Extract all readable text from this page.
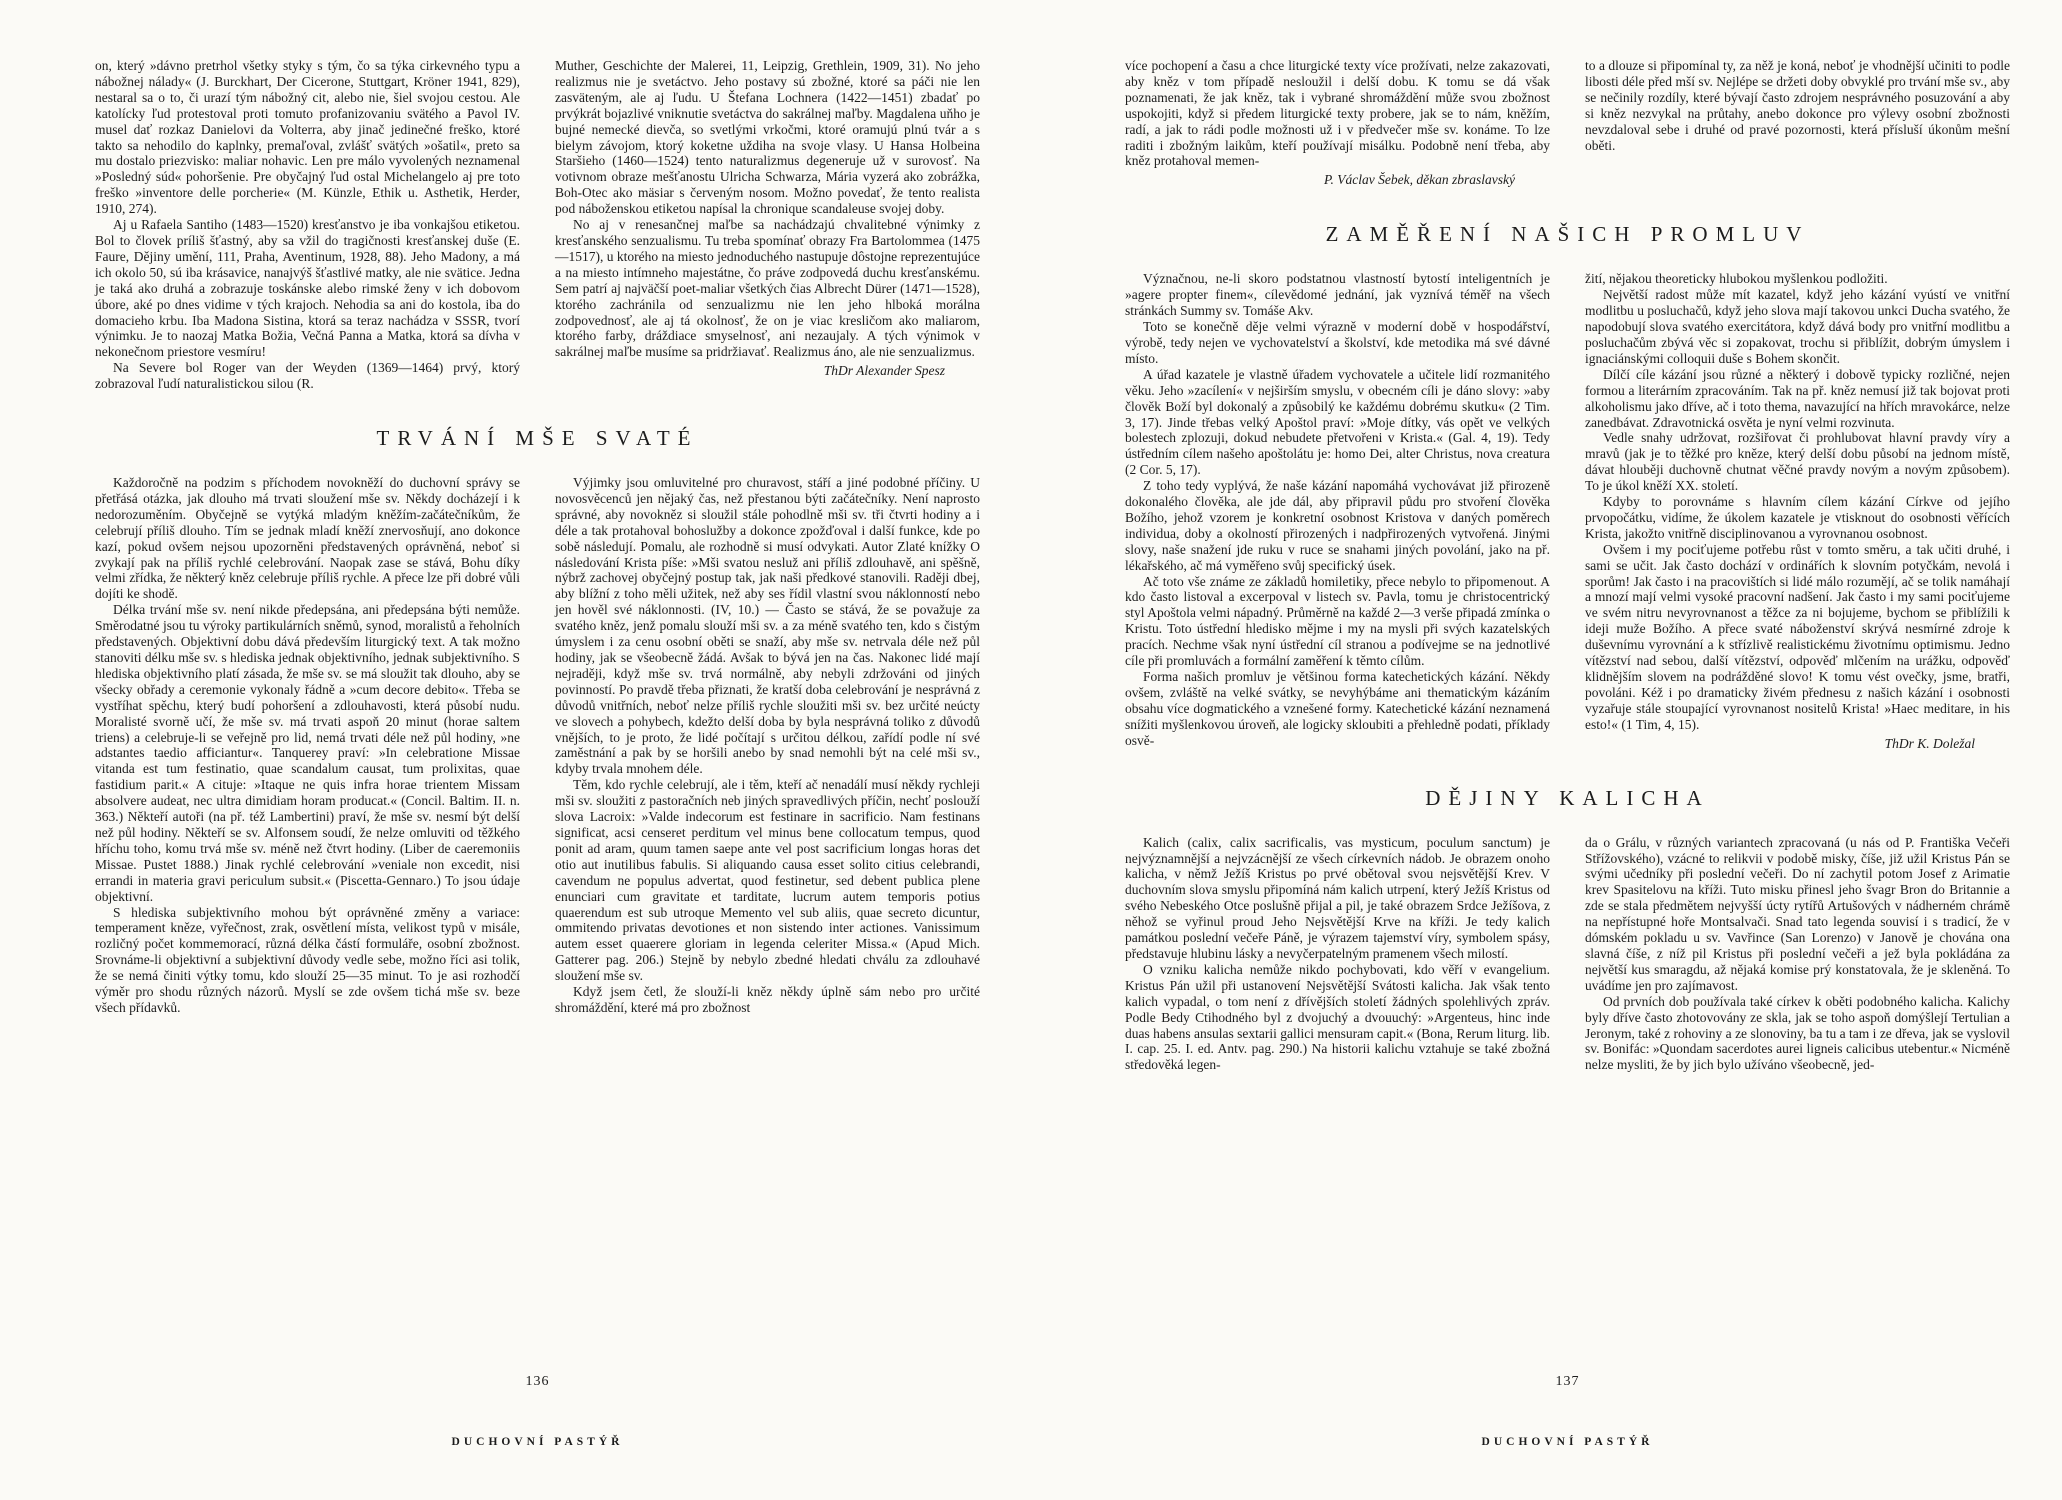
on, který »dávno pretrhol všetky styky s tým, čo sa týka cirkevného typu a nábožnej nálady« (J. Burckhart, Der Cicerone, Stuttgart, Kröner 1941, 829), nestaral sa o to, či urazí tým nábožný cit, alebo nie, šiel svojou cestou. Ale katolícky ľud protestoval proti tomuto profanizovaniu svätého a Pavol IV. musel dať rozkaz Danielovi da Volterra, aby jinač jedinečné freško, ktoré takto sa nehodilo do kaplnky, premaľoval, zvlášť svätých »ošatil«, preto sa mu dostalo priezvisko: maliar nohavic. Len pre málo vyvolených neznamenal »Posledný súd« pohoršenie. Pre obyčajný ľud ostal Michelangelo aj pre toto freško »inventore delle porcherie« (M. Künzle, Ethik u. Asthetik, Herder, 1910, 274).

Aj u Rafaela Santiho (1483—1520) kresťanstvo je iba vonkajšou etiketou. Bol to človek príliš šťastný, aby sa vžil do tragičnosti kresťanskej duše (E. Faure, Dějiny umění, 111, Praha, Aventinum, 1928, 88). Jeho Madony, a má ich okolo 50, sú iba krásavice, nanajvýš šťastlivé matky, ale nie svätice. Jedna je taká ako druhá a zobrazuje toskánske alebo rimské ženy v ich dobovom úbore, aké po dnes vidime v tých krajoch. Nehodia sa ani do kostola, iba do domacieho krbu. Iba Madona Sistina, ktorá sa teraz nachádza v SSSR, tvorí výnimku. Je to naozaj Matka Božia, Večná Panna a Matka, ktorá sa dívha v nekonečnom priestore vesmíru!

Na Severe bol Roger van der Weyden (1369—1464) prvý, ktorý zobrazoval ľudí naturalistickou silou (R.

Muther, Geschichte der Malerei, 11, Leipzig, Grethlein, 1909, 31). No jeho realizmus nie je svetáctvo. Jeho postavy sú zbožné, ktoré sa páči nie len zasväteným, ale aj ľudu. U Štefana Lochnera (1422—1451) zbadať po prvýkrát bojazlivé vniknutie svetáctva do sakrálnej maľby. Magdalena uňho je bujné nemecké dievča, so svetlými vrkočmi, ktoré oramujú plnú tvár a s bielym závojom, ktorý koketne uždiha na svoje vlasy. U Hansa Holbeina Staršieho (1460—1524) tento naturalizmus degeneruje už v surovosť. Na votivnom obraze mešťanostu Ulricha Schwarza, Mária vyzerá ako zobrážka, Boh-Otec ako mäsiar s červeným nosom. Možno povedať, že tento realista pod náboženskou etiketou napísal la chronique scandaleuse svojej doby.

No aj v renesančnej maľbe sa nachádzajú chvalitebné výnimky z kresťanského senzualismu. Tu treba spomínať obrazy Fra Bartolommea (1475—1517), u ktorého na miesto jednoduchého nastupuje dôstojne reprezentujúce a na miesto intímneho majestátne, čo práve zodpovedá duchu kresťanskému. Sem patrí aj najväčší poet-maliar všetkých čias Albrecht Dürer (1471—1528), ktorého zachránila od senzualizmu nie len jeho hlboká morálna zodpovednosť, ale aj tá okolnosť, že on je viac kresličom ako maliarom, ktorého farby, dráždiace smyselnosť, ani nezaujaly. A tých výnimok v sakrálnej maľbe musíme sa pridržiavať. Realizmus áno, ale nie senzualizmus.

ThDr Alexander Spesz
TRVÁNÍ MŠE SVATÉ

Každoročně na podzim s příchodem novokněží do duchovní správy se přetřásá otázka, jak dlouho má trvati sloužení mše sv. Někdy docházejí i k nedorozuměním. Obyčejně se vytýká mladým kněžím-začátečníkům, že celebrují příliš dlouho. Tím se jednak mladí kněží znervosňují, ano dokonce kazí, pokud ovšem nejsou upozorněni představených oprávněná, neboť si zvykají pak na příliš rychlé celebrování. Naopak zase se stává, Bohu díky velmi zřídka, že některý kněz celebruje příliš rychle. A přece lze při dobré vůli dojíti ke shodě.

Délka trvání mše sv. není nikde předepsána, ani předepsána býti nemůže. Směrodatné jsou tu výroky partikulárních sněmů, synod, moralistů a řeholních představených. Objektivní dobu dává především liturgický text. A tak možno stanoviti délku mše sv. s hlediska jednak objektivního, jednak subjektivního. S hlediska objektivního platí zásada, že mše sv. se má sloužit tak dlouho, aby se všecky obřady a ceremonie vykonaly řádně a »cum decore debito«. Třeba se vystříhat spěchu, který budí pohoršení a zdlouhavosti, která působí nudu. Moralisté svorně učí, že mše sv. má trvati aspoň 20 minut (horae saltem triens) a celebruje-li se veřejně pro lid, nemá trvati déle než půl hodiny, »ne adstantes taedio afficiantur«. Tanquerey praví: »In celebratione Missae vitanda est tum festinatio, quae scandalum causat, tum prolixitas, quae fastidium parit.« A cituje: »Itaque ne quis infra horae trientem Missam absolvere audeat, nec ultra dimidiam horam producat.« (Concil. Baltim. II. n. 363.) Někteří autoři (na př. též Lambertini) praví, že mše sv. nesmí být delší než půl hodiny. Někteří se sv. Alfonsem soudí, že nelze omluviti od těžkého hříchu toho, komu trvá mše sv. méně než čtvrt hodiny. (Liber de caeremoniis Missae. Pustet 1888.) Jinak rychlé celebrování »veniale non excedit, nisi errandi in materia gravi periculum subsit.« (Piscetta-Gennaro.) To jsou údaje objektivní.

S hlediska subjektivního mohou být oprávněné změny a variace: temperament kněze, vyřečnost, zrak, osvětlení místa, velikost typů v misále, rozličný počet kommemorací, různá délka částí formuláře, osobní zbožnost. Srovnáme-li objektivní a subjektivní důvody vedle sebe, možno říci asi tolik, že se nemá činiti výtky tomu, kdo slouží 25—35 minut. To je asi rozhodčí výměr pro shodu různých názorů. Myslí se zde ovšem tichá mše sv. beze všech přídavků.

Výjimky jsou omluvitelné pro churavost, stáří a jiné podobné příčiny. U novosvěcenců jen nějaký čas, než přestanou býti začátečníky. Není naprosto správné, aby novokněz si sloužil stále pohodlně mši sv. tři čtvrti hodiny a i déle a tak protahoval bohoslužby a dokonce zpožďoval i další funkce, kde po sobě následují. Pomalu, ale rozhodně si musí odvykati. Autor Zlaté knížky O následování Krista píše: »Mši svatou nesluž ani příliš zdlouhavě, ani spěšně, nýbrž zachovej obyčejný postup tak, jak naši předkové stanovili. Raději dbej, aby blížní z toho měli užitek, než aby ses řídil vlastní svou náklonností nebo jen hověl své náklonnosti. (IV, 10.) — Často se stává, že se považuje za svatého kněz, jenž pomalu slouží mši sv. a za méně svatého ten, kdo s čistým úmyslem i za cenu osobní oběti se snaží, aby mše sv. netrvala déle než půl hodiny, jak se všeobecně žádá. Avšak to bývá jen na čas. Nakonec lidé mají nejraději, když mše sv. trvá normálně, aby nebyli zdržováni od jiných povinností. Po pravdě třeba přiznati, že kratší doba celebrování je nesprávná z důvodů vnitřních, neboť nelze příliš rychle sloužiti mši sv. bez určité neúcty ve slovech a pohybech, kdežto delší doba by byla nesprávná toliko z důvodů vnějších, to je proto, že lidé počítají s určitou délkou, zařídí podle ní své zaměstnání a pak by se horšili anebo by snad nemohli být na celé mši sv., kdyby trvala mnohem déle.

Těm, kdo rychle celebrují, ale i těm, kteří ač nenadálí musí někdy rychleji mši sv. sloužiti z pastoračních neb jiných spravedlivých příčin, nechť poslouží slova Lacroix: »Valde indecorum est festinare in sacrificio. Nam festinans significat, acsi censeret perditum vel minus bene collocatum tempus, quod ponit ad aram, quum tamen saepe ante vel post sacrificium longas horas det otio aut inutilibus fabulis. Si aliquando causa esset solito citius celebrandi, cavendum ne populus advertat, quod festinetur, sed debent publica plene enunciari cum gravitate et tarditate, lucrum autem temporis potius quaerendum est sub utroque Memento vel sub aliis, quae secreto dicuntur, ommitendo privatas devotiones et non sistendo inter actiones. Vanissimum autem esset quaerere gloriam in legenda celeriter Missa.« (Apud Mich. Gatterer pag. 206.) Stejně by nebylo zbedné hledati chválu za zdlouhavé sloužení mše sv.

Když jsem četl, že slouží-li kněz někdy úplně sám nebo pro určité shromáždění, které má pro zbožnost

136
DUCHOVNÍ PASTÝŘ

více pochopení a času a chce liturgické texty více prožívati, nelze zakazovati, aby kněz v tom případě nesloužil i delší dobu. K tomu se dá však poznamenati, že jak kněz, tak i vybrané shromáždění může svou zbožnost uspokojiti, když si předem liturgické texty probere, jak se to nám, kněžím, radí, a jak to rádi podle možnosti už i v předvečer mše sv. konáme. To lze raditi i zbožným laikům, kteří používají misálku. Podobně není třeba, aby kněz protahoval memen-

P. Václav Šebek, děkan zbraslavský

to a dlouze si připomínal ty, za něž je koná, neboť je vhodnější učiniti to podle libosti déle před mší sv. Nejlépe se držeti doby obvyklé pro trvání mše sv., aby se nečinily rozdíly, které bývají často zdrojem nesprávného posuzování a aby si kněz nezvykal na průtahy, anebo dokonce pro výlevy osobní zbožnosti nevzdaloval sebe i druhé od pravé pozornosti, která přísluší úkonům mešní oběti.

ZAMĚŘENÍ NAŠICH PROMLUV

Význačnou, ne-li skoro podstatnou vlastností bytostí inteligentních je »agere propter finem«, cílevědomé jednání, jak vyznívá téměř na všech stránkách Summy sv. Tomáše Akv.

Toto se konečně děje velmi výrazně v moderní době v hospodářství, výrobě, tedy nejen ve vychovatelství a školství, kde metodika má své dávné místo.

A úřad kazatele je vlastně úřadem vychovatele a učitele lidí rozmanitého věku. Jeho »zacílení« v nejširším smyslu, v obecném cíli je dáno slovy: »aby člověk Boží byl dokonalý a způsobilý ke každému dobrému skutku« (2 Tim. 3, 17). Jinde třebas velký Apoštol praví: »Moje dítky, vás opět ve velkých bolestech zplozuji, dokud nebudete přetvořeni v Krista.« (Gal. 4, 19). Tedy ústředním cílem našeho apoštolátu je: homo Dei, alter Christus, nova creatura (2 Cor. 5, 17).

Z toho tedy vyplývá, že naše kázání napomáhá vychovávat již přirozeně dokonalého člověka, ale jde dál, aby připravil půdu pro stvoření člověka Božího, jehož vzorem je konkretní osobnost Kristova v daných poměrech individua, doby a okolností přirozených i nadpřirozených vytvořená. Jinými slovy, naše snažení jde ruku v ruce se snahami jiných povolání, jako na př. lékařského, ač má vyměřeno svůj specifický úsek.

Ač toto vše známe ze základů homiletiky, přece nebylo to připomenout. A kdo často listoval a excerpoval v listech sv. Pavla, tomu je christocentrický styl Apoštola velmi nápadný. Průměrně na každé 2—3 verše připadá zmínka o Kristu. Toto ústřední hledisko mějme i my na mysli při svých kazatelských pracích. Nechme však nyní ústřední cíl stranou a podívejme se na jednotlivé cíle při promluvách a formální zaměření k těmto cílům.

Forma našich promluv je většinou forma katechetických kázání. Někdy ovšem, zvláště na velké svátky, se nevyhýbáme ani thematickým kázáním obsahu více dogmatického a vznešené formy. Katechetické kázání neznamená snížiti myšlenkovou úroveň, ale logicky skloubiti a přehledně podati, příklady osvě-

žití, nějakou theoreticky hlubokou myšlenkou podložiti.

Největší radost může mít kazatel, když jeho kázání vyústí ve vnitřní modlitbu u posluchačů, když jeho slova mají takovou unkci Ducha svatého, že napodobují slova svatého exercitátora, když dává body pro vnitřní modlitbu a posluchačům zbývá věc si zopakovat, trochu si přiblížit, dobrým úmyslem i ignaciánskými colloquii duše s Bohem skončit.

Dílčí cíle kázání jsou různé a některý i dobově typicky rozličné, nejen formou a literárním zpracováním. Tak na př. kněz nemusí již tak bojovat proti alkoholismu jako dříve, ač i toto thema, navazující na hřích mravokárce, nelze zanedbávat. Zdravotnická osvěta je nyní velmi rozvinuta.

Vedle snahy udržovat, rozšiřovat či prohlubovat hlavní pravdy víry a mravů (jak je to těžké pro kněze, který delší dobu působí na jednom místě, dávat hlouběji duchovně chutnat věčné pravdy novým a novým způsobem). To je úkol kněží XX. století.

Kdyby to porovnáme s hlavním cílem kázání Církve od jejího prvopočátku, vidíme, že úkolem kazatele je vtisknout do osobnosti věřících Krista, jakožto vnitřně disciplinovanou a vyrovnanou osobnost.

Ovšem i my pociťujeme potřebu růst v tomto směru, a tak učiti druhé, i sami se učit. Jak často dochází v ordinářích k slovním potyčkám, nevolá i sporům! Jak často i na pracovištích si lidé málo rozumějí, ač se tolik namáhají a mnozí mají velmi vysoké pracovní nadšení. Jak často i my sami pociťujeme ve svém nitru nevyrovnanost a těžce za ni bojujeme, bychom se přiblížili k ideji muže Božího. A přece svaté náboženství skrývá nesmírné zdroje k duševnímu vyrovnání a k střízlivě realistickému životnímu optimismu. Jedno vítězství nad sebou, další vítězství, odpověď mlčením na urážku, odpověď klidnějším slovem na podrážděné slovo! K tomu vést ovečky, jsme, bratři, povoláni. Kéž i po dramaticky živém přednesu z našich kázání i osobnosti vyzařuje stále stoupající vyrovnanost nositelů Krista! »Haec meditare, in his esto!« (1 Tim, 4, 15).

ThDr K. Doležal
DĚJINY KALICHA

Kalich (calix, calix sacrificalis, vas mysticum, poculum sanctum) je nejvýznamnější a nejvzácnější ze všech církevních nádob. Je obrazem onoho kalicha, v němž Ježíš Kristus po prvé obětoval svou nejsvětější Krev. V duchovním slova smyslu připomíná nám kalich utrpení, který Ježíš Kristus od svého Nebeského Otce poslušně přijal a pil, je také obrazem Srdce Ježíšova, z něhož se vyřinul proud Jeho Nejsvětější Krve na kříži. Je tedy kalich památkou poslední večeře Páně, je výrazem tajemství víry, symbolem spásy, představuje hlubinu lásky a nevyčerpatelným pramenem všech milostí.

O vzniku kalicha nemůže nikdo pochybovati, kdo věří v evangelium. Kristus Pán užil při ustanovení Nejsvětější Svátosti kalicha. Jak však tento kalich vypadal, o tom není z dřívějších století žádných spolehlivých zpráv. Podle Bedy Ctihodného byl z dvojuchý a dvouuchý: »Argenteus, hinc inde duas habens ansulas sextarii gallici mensuram capit.« (Bona, Rerum liturg. lib. I. cap. 25. I. ed. Antv. pag. 290.) Na historii kalichu vztahuje se také zbožná středověká legen-

da o Grálu, v různých variantech zpracovaná (u nás od P. Františka Večeři Střížovského), vzácné to relikvii v podobě misky, číše, již užil Kristus Pán se svými učedníky při poslední večeři. Do ní zachytil potom Josef z Arimatie krev Spasitelovu na kříži. Tuto misku přinesl jeho švagr Bron do Britannie a zde se stala předmětem nejvyšší úcty rytířů Artušových v nádherném chrámě na nepřístupné hoře Montsalvači. Snad tato legenda souvisí i s tradicí, že v dómském pokladu u sv. Vavřince (San Lorenzo) v Janově je chována ona slavná číše, z níž pil Kristus při poslední večeři a jež byla pokládána za největší kus smaragdu, až nějaká komise prý konstatovala, že je skleněná. To uvádíme jen pro zajímavost.

Od prvních dob používala také církev k oběti podobného kalicha. Kalichy byly dříve často zhotovovány ze skla, jak se toho aspoň domýšlejí Tertulian a Jeronym, také z rohoviny a ze slonoviny, ba tu a tam i ze dřeva, jak se vyslovil sv. Bonifác: »Quondam sacerdotes aurei ligneis calicibus utebentur.« Nicméně nelze mysliti, že by jich bylo užíváno všeobecně, jed-

137
DUCHOVNÍ PASTÝŘ
